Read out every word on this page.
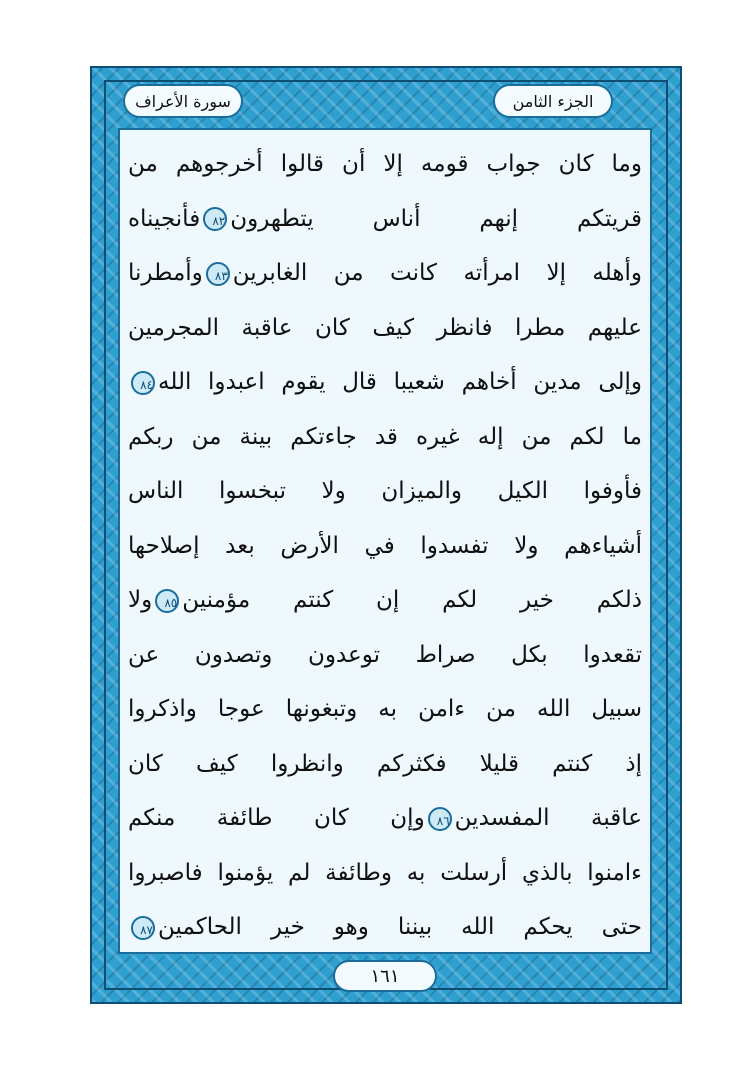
سورة الأعراف	الجزء الثامن
وما كان جواب قومه إلا أن قالوا أخرجوهم من
قريتكم إنهم أناس يتطهرون٨٢فأنجيناه
وأهله إلا امرأته كانت من الغابرين٨٣وأمطرنا
عليهم مطرا فانظر كيف كان عاقبة المجرمين
وإلى مدين أخاهم شعيبا قال يقوم اعبدوا الله٨٤
ما لكم من إله غيره قد جاءتكم بينة من ربكم
فأوفوا الكيل والميزان ولا تبخسوا الناس
أشياءهم ولا تفسدوا في الأرض بعد إصلاحها
ذلكم خير لكم إن كنتم مؤمنين٨٥ولا
تقعدوا بكل صراط توعدون وتصدون عن
سبيل الله من ءامن به وتبغونها عوجا واذكروا
إذ كنتم قليلا فكثركم وانظروا كيف كان
عاقبة المفسدين٨٦وإن كان طائفة منكم
ءامنوا بالذي أرسلت به وطائفة لم يؤمنوا فاصبروا
حتى يحكم الله بيننا وهو خير الحاكمين٨٧
١٦١
